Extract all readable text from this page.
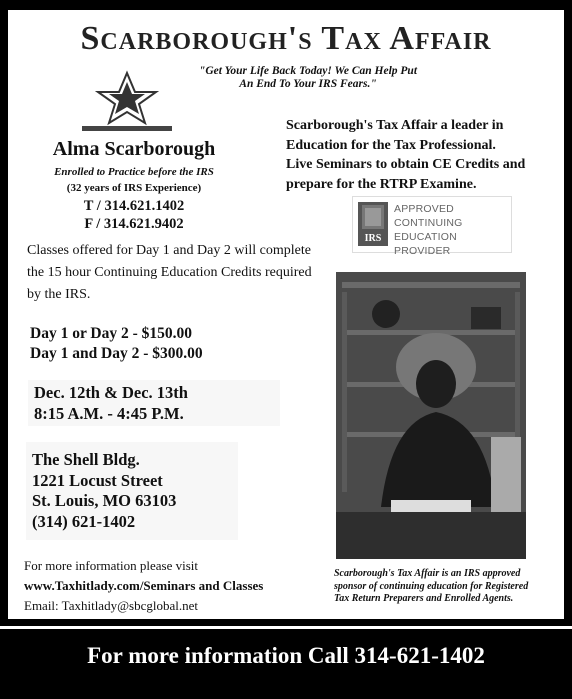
Scarborough's Tax Affair
"Get Your Life Back Today! We Can Help Put
An End To Your IRS Fears."

Alma Scarborough
Enrolled to Practice before the IRS
(32 years of IRS Experience)
T / 314.621.1402
F / 314.621.9402
Scarborough's Tax Affair a leader in
Education for the Tax Professional.
Live Seminars to obtain CE Credits and
prepare for the RTRP Examine.
IRS
APPROVED
CONTINUING EDUCATION
PROVIDER
Classes offered for Day 1 and Day 2 will complete
the 15 hour Continuing Education Credits required
by the IRS.
Day 1 or Day 2 - $150.00
Day 1 and Day 2 - $300.00
Dec. 12th & Dec. 13th
8:15 A.M. - 4:45 P.M.
The Shell Bldg.
1221 Locust Street
St. Louis, MO 63103
(314) 621-1402
For more information please visit
www.Taxhitlady.com/Seminars and Classes
Email: Taxhitlady@sbcglobal.net
Scarborough's Tax Affair is an IRS approved
sponsor of continuing education for Registered
Tax Return Preparers and Enrolled Agents.
For more information Call 314-621-1402
